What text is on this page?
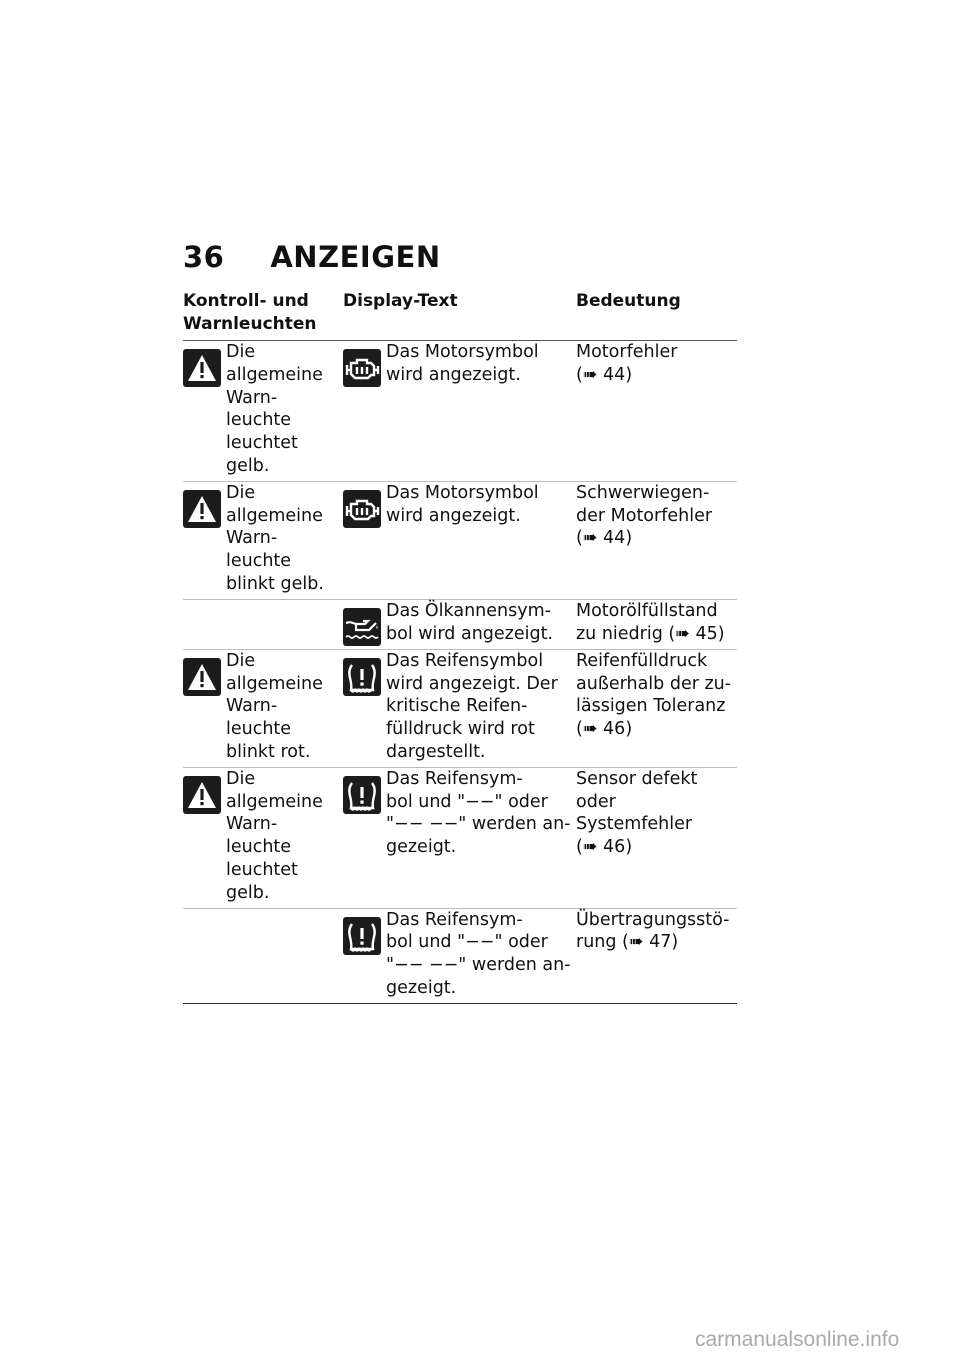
36 ANZEIGEN
Kontroll- und
Warnleuchten
Display-Text	Bedeutung
Die
allgemeine
Warn-
leuchte
leuchtet
gelb.
Das Motorsymbol
wird angezeigt.
Motorfehler
(➠ 44)
Die
allgemeine
Warn-
leuchte
blinkt gelb.
Das Motorsymbol
wird angezeigt.
Schwerwiegen-
der Motorfehler
(➠ 44)
Das Ölkannensym-
bol wird angezeigt.
Motorölfüllstand
zu niedrig (➠ 45)
Die
allgemeine
Warn-
leuchte
blinkt rot.
Das Reifensymbol
wird angezeigt. Der
kritische Reifen-
fülldruck wird rot
dargestellt.
Reifenfülldruck
außerhalb der zu-
lässigen Toleranz
(➠ 46)
Die
allgemeine
Warn-
leuchte
leuchtet
gelb.
Das Reifensym-
bol und "−−" oder
"−− −−" werden an-
gezeigt.
Sensor defekt
oder Systemfehler
(➠ 46)
Das Reifensym-
bol und "−−" oder
"−− −−" werden an-
gezeigt.
Übertragungsstö-
rung (➠ 47)
carmanualsonline.info
